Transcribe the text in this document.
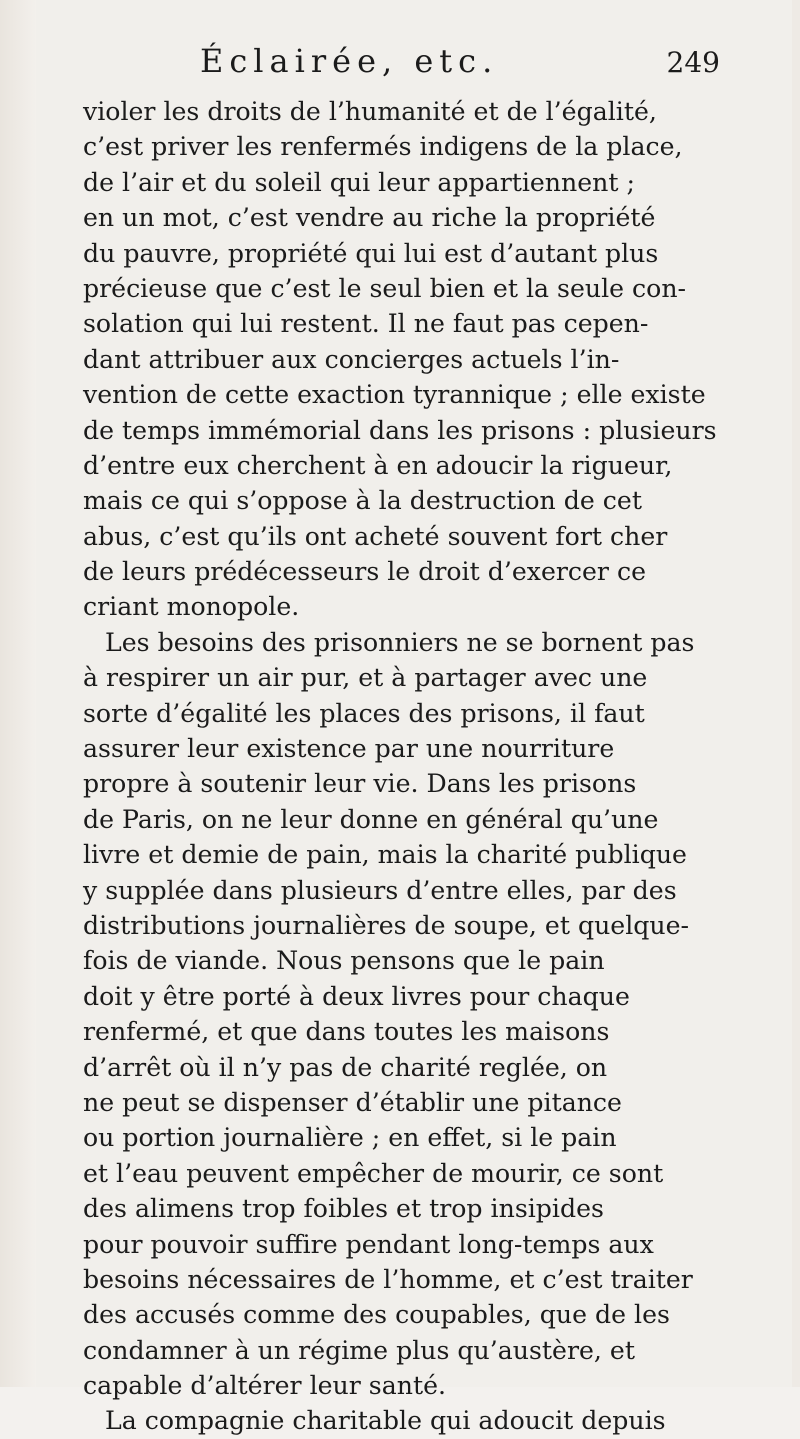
Éclairée, etc.	249
violer les droits de l’humanité et de l’égalité,
c’est priver les renfermés indigens de la place,
de l’air et du soleil qui leur appartiennent ;
en un mot, c’est vendre au riche la propriété
du pauvre, propriété qui lui est d’autant plus
précieuse que c’est le seul bien et la seule con-
solation qui lui restent. Il ne faut pas cepen-
dant attribuer aux concierges actuels l’in-
vention de cette exaction tyrannique ; elle existe
de temps immémorial dans les prisons : plusieurs
d’entre eux cherchent à en adoucir la rigueur,
mais ce qui s’oppose à la destruction de cet
abus, c’est qu’ils ont acheté souvent fort cher
de leurs prédécesseurs le droit d’exercer ce
criant monopole.
Les besoins des prisonniers ne se bornent pas
à respirer un air pur, et à partager avec une
sorte d’égalité les places des prisons, il faut
assurer leur existence par une nourriture
propre à soutenir leur vie. Dans les prisons
de Paris, on ne leur donne en général qu’une
livre et demie de pain, mais la charité publique
y supplée dans plusieurs d’entre elles, par des
distributions journalières de soupe, et quelque-
fois de viande. Nous pensons que le pain
doit y être porté à deux livres pour chaque
renfermé, et que dans toutes les maisons
d’arrêt où il n’y pas de charité reglée, on
ne peut se dispenser d’établir une pitance
ou portion journalière ; en effet, si le pain
et l’eau peuvent empêcher de mourir, ce sont
des alimens trop foibles et trop insipides
pour pouvoir suffire pendant long-temps aux
besoins nécessaires de l’homme, et c’est traiter
des accusés comme des coupables, que de les
condamner à un régime plus qu’austère, et
capable d’altérer leur santé.
La compagnie charitable qui adoucit depuis
